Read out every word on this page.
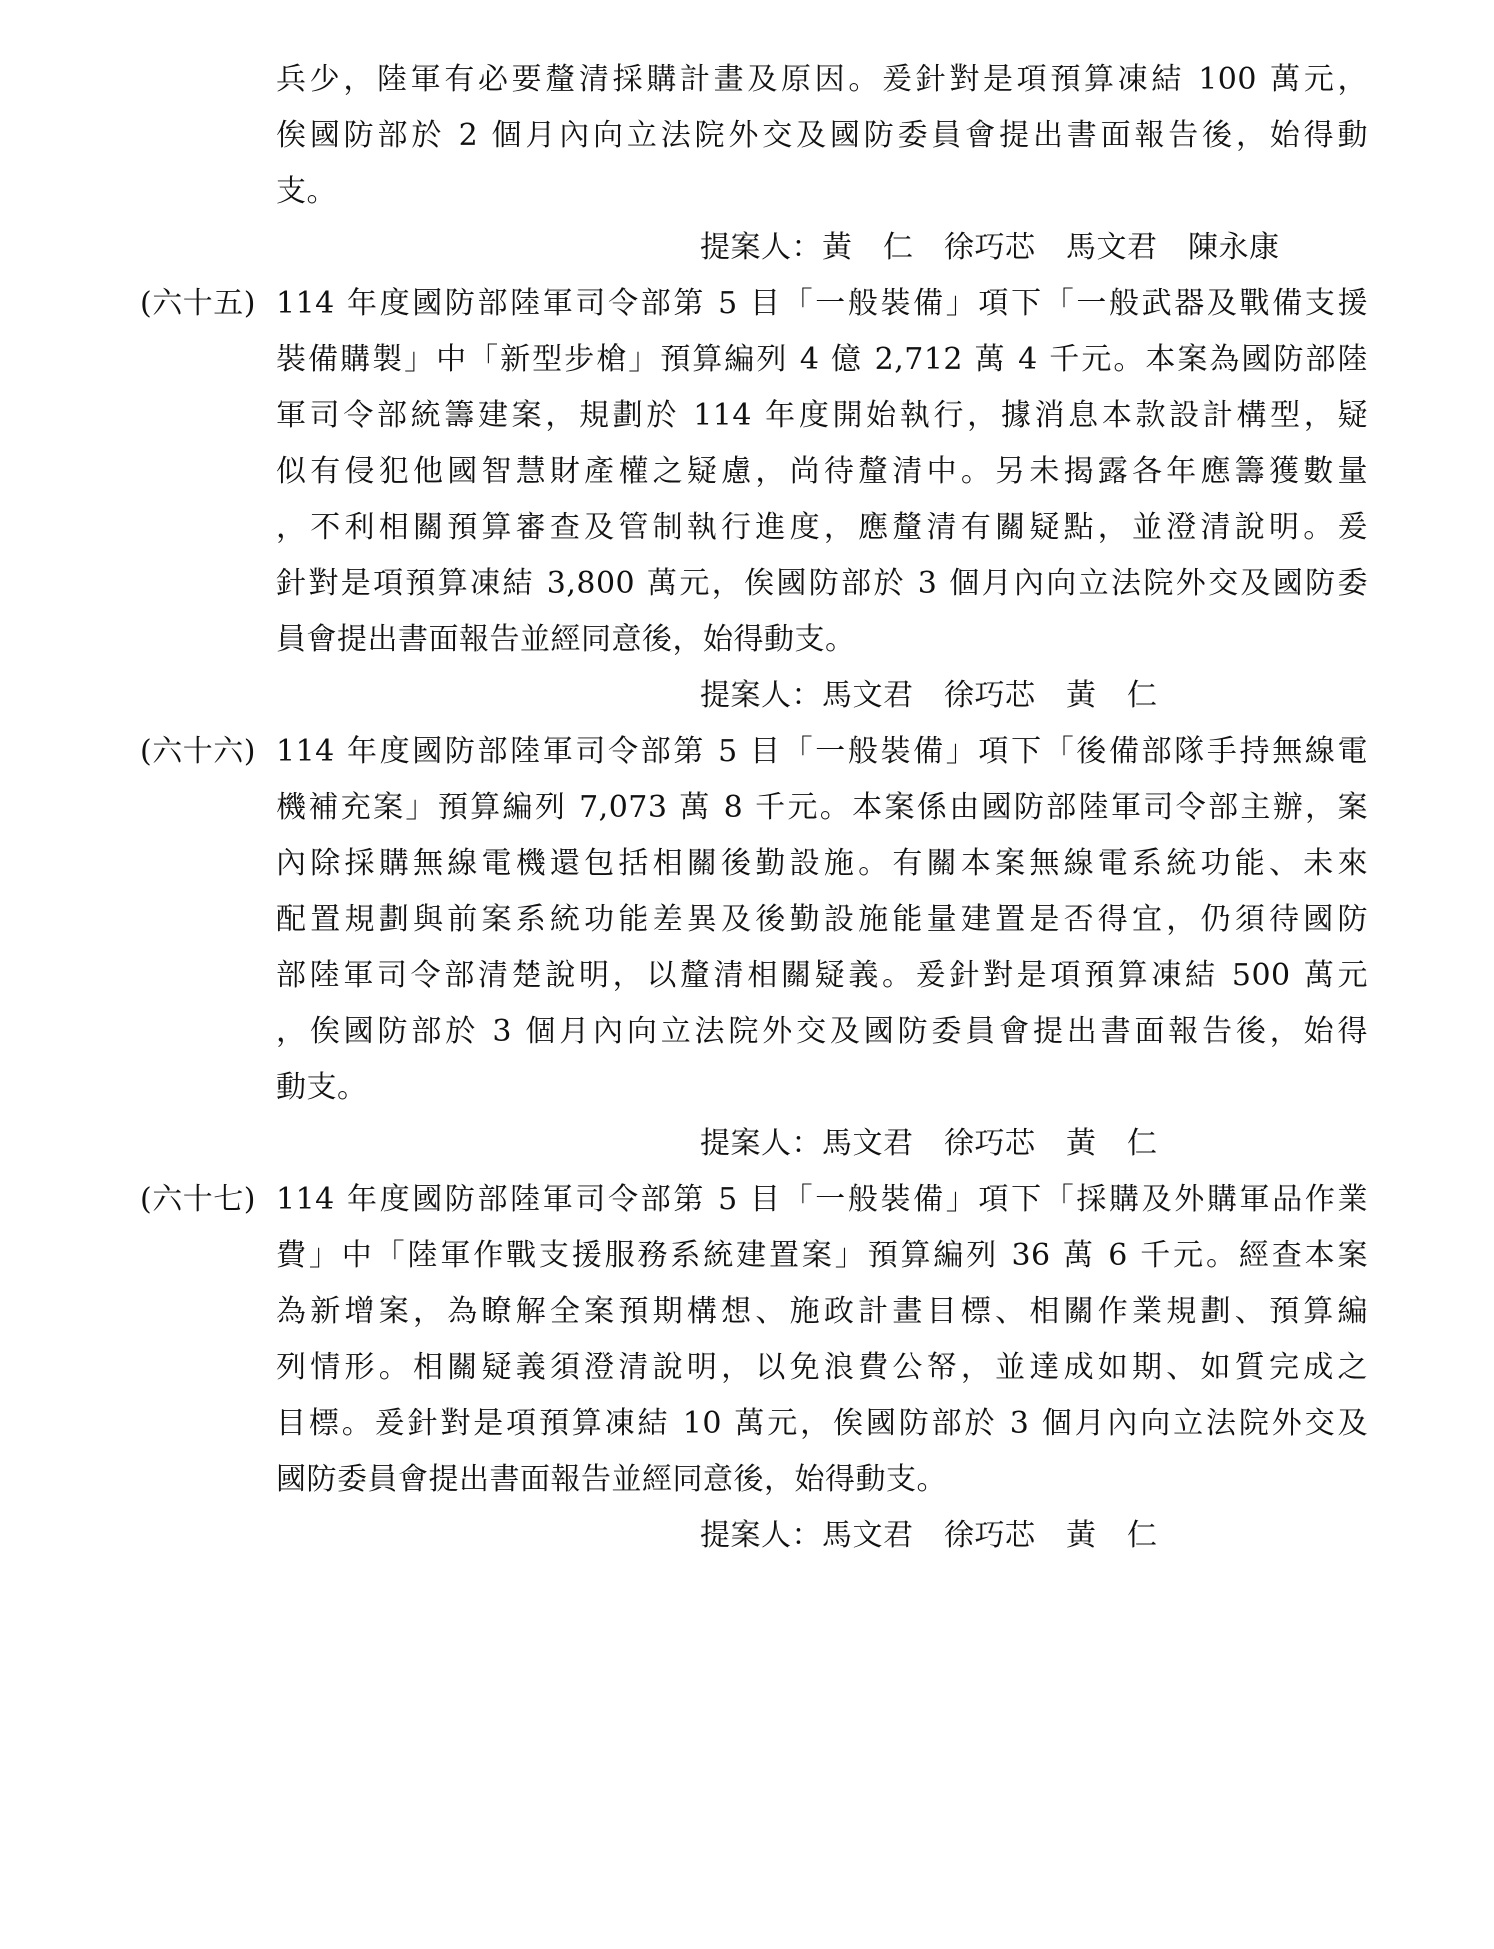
兵少，陸軍有必要釐清採購計畫及原因。爰針對是項預算凍結 100 萬元，
俟國防部於 2 個月內向立法院外交及國防委員會提出書面報告後，始得動
支。
提案人：黃　仁　徐巧芯　馬文君　陳永康
(六十五) 114 年度國防部陸軍司令部第 5 目「一般裝備」項下「一般武器及戰備支援
裝備購製」中「新型步槍」預算編列 4 億 2,712 萬 4 千元。本案為國防部陸
軍司令部統籌建案，規劃於 114 年度開始執行，據消息本款設計構型，疑
似有侵犯他國智慧財產權之疑慮，尚待釐清中。另未揭露各年應籌獲數量
，不利相關預算審查及管制執行進度，應釐清有關疑點，並澄清說明。爰
針對是項預算凍結 3,800 萬元，俟國防部於 3 個月內向立法院外交及國防委
員會提出書面報告並經同意後，始得動支。
提案人：馬文君　徐巧芯　黃　仁
(六十六) 114 年度國防部陸軍司令部第 5 目「一般裝備」項下「後備部隊手持無線電
機補充案」預算編列 7,073 萬 8 千元。本案係由國防部陸軍司令部主辦，案
內除採購無線電機還包括相關後勤設施。有關本案無線電系統功能、未來
配置規劃與前案系統功能差異及後勤設施能量建置是否得宜，仍須待國防
部陸軍司令部清楚說明，以釐清相關疑義。爰針對是項預算凍結 500 萬元
，俟國防部於 3 個月內向立法院外交及國防委員會提出書面報告後，始得
動支。
提案人：馬文君　徐巧芯　黃　仁
(六十七) 114 年度國防部陸軍司令部第 5 目「一般裝備」項下「採購及外購軍品作業
費」中「陸軍作戰支援服務系統建置案」預算編列 36 萬 6 千元。經查本案
為新增案，為瞭解全案預期構想、施政計畫目標、相關作業規劃、預算編
列情形。相關疑義須澄清說明，以免浪費公帑，並達成如期、如質完成之
目標。爰針對是項預算凍結 10 萬元，俟國防部於 3 個月內向立法院外交及
國防委員會提出書面報告並經同意後，始得動支。
提案人：馬文君　徐巧芯　黃　仁
